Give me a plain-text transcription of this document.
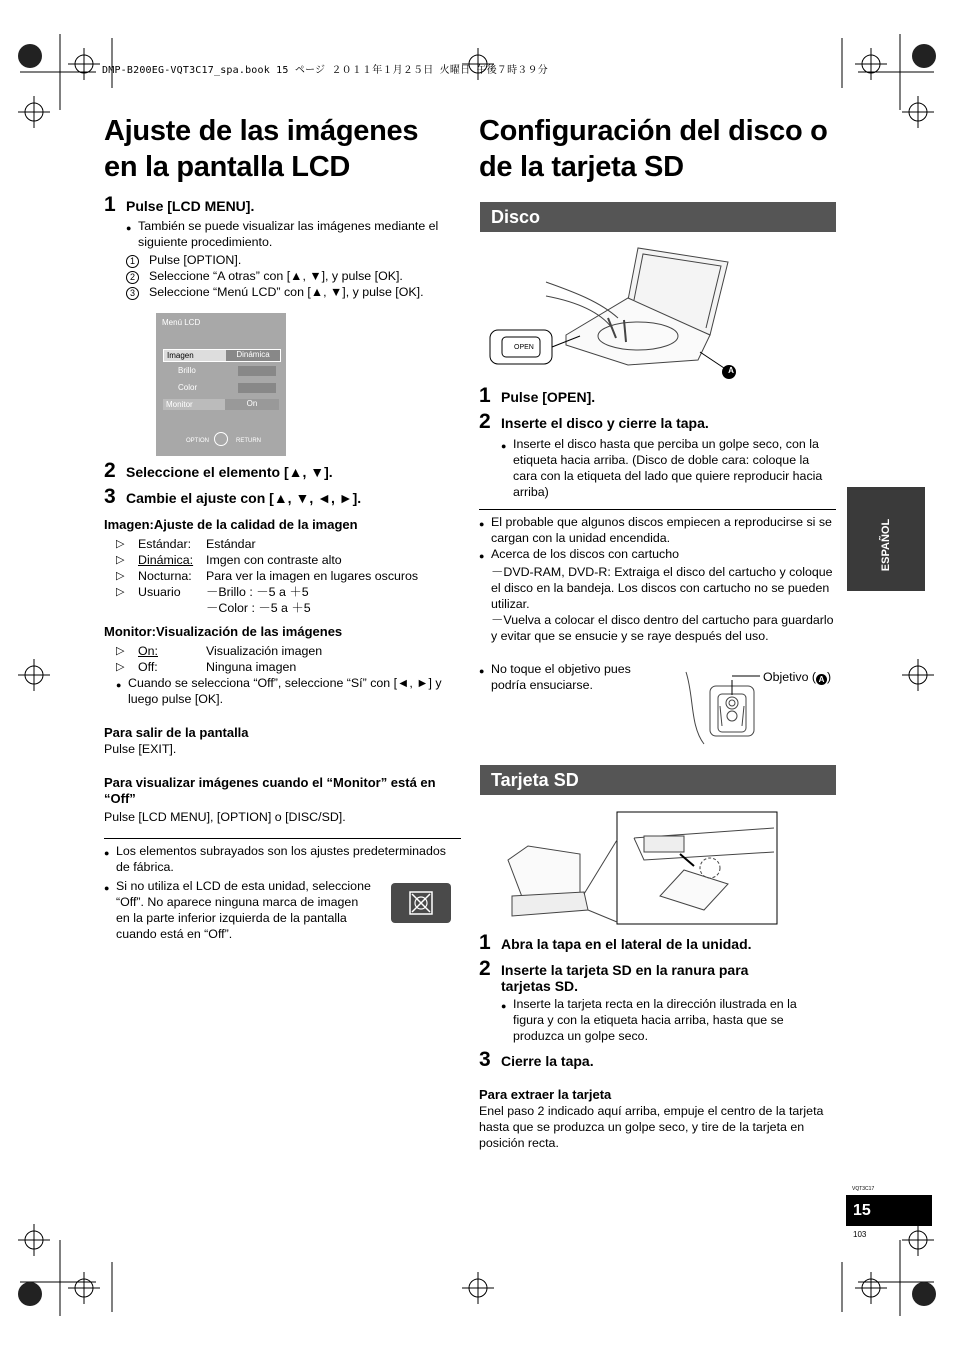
DMP-B200EG-VQT3C17_spa.book 15 ページ ２０１１年１月２５日 火曜日 午後７時３９分
Ajuste de las imágenes
en la pantalla LCD
1 Pulse [LCD MENU].
● También se puede visualizar las imágenes mediante el siguiente procedimiento.
1 Pulse [OPTION].
2 Seleccione “A otras” con [▲, ▼], y pulse [OK].
3 Seleccione “Menú LCD” con [▲, ▼], y pulse [OK].
Menú LCD
Imagen	Dinámica
Brillo
Color
Monitor	On
OPTION	RETURN
2 Seleccione el elemento [▲, ▼].
3 Cambie el ajuste con [▲, ▼, ◄, ►].
Imagen:Ajuste de la calidad de la imagen
▷	Estándar:	Estándar
▷	Dinámica:	Imgen con contraste alto
▷	Nocturna:	Para ver la imagen en lugares oscuros
▷	Usuario	－Brillo : －5 a ＋5
－Color : －5 a ＋5
Monitor:Visualización de las imágenes
▷	On:	Visualización imagen
▷	Off:	Ninguna imagen
● Cuando se selecciona “Off”, seleccione “Sí” con [◄, ►] y luego pulse [OK].
Para salir de la pantalla
Pulse [EXIT].
Para visualizar imágenes cuando el “Monitor” está en “Off”
Pulse [LCD MENU], [OPTION] o [DISC/SD].
● Los elementos subrayados son los ajustes predeterminados de fábrica.
● Si no utiliza el LCD de esta unidad, seleccione “Off”. No aparece ninguna marca de imagen en la parte inferior izquierda de la pantalla cuando está en “Off”.
Configuración del disco o
de la tarjeta SD
Disco
OPEN
A
1 Pulse [OPEN].
2 Inserte el disco y cierre la tapa.
● Inserte el disco hasta que perciba un golpe seco, con la etiqueta hacia arriba. (Disco de doble cara: coloque la cara con la etiqueta del lado que quiere reproducir hacia arriba)
● El probable que algunos discos empiecen a reproducirse si se cargan con la unidad encendida.
● Acerca de los discos con cartucho
－DVD-RAM, DVD-R: Extraiga el disco del cartucho y coloque el disco en la bandeja. Los discos con cartucho no se pueden utilizar.
－Vuelva a colocar el disco dentro del cartucho para guardarlo y evitar que se ensucie y se raye después del uso.
● No toque el objetivo pues podría ensuciarse.
Objetivo ( A )
Tarjeta SD
1 Abra la tapa en el lateral de la unidad.
2 Inserte la tarjeta SD en la ranura para tarjetas SD.
● Inserte la tarjeta recta en la dirección ilustrada en la figura y con la etiqueta hacia arriba, hasta que se produzca un golpe seco.
3 Cierre la tapa.
Para extraer la tarjeta
Enel paso 2 indicado aquí arriba, empuje el centro de la tarjeta hasta que se produzca un golpe seco, y tire de la tarjeta en posición recta.
ESPAÑOL
VQT3C17
15
103
